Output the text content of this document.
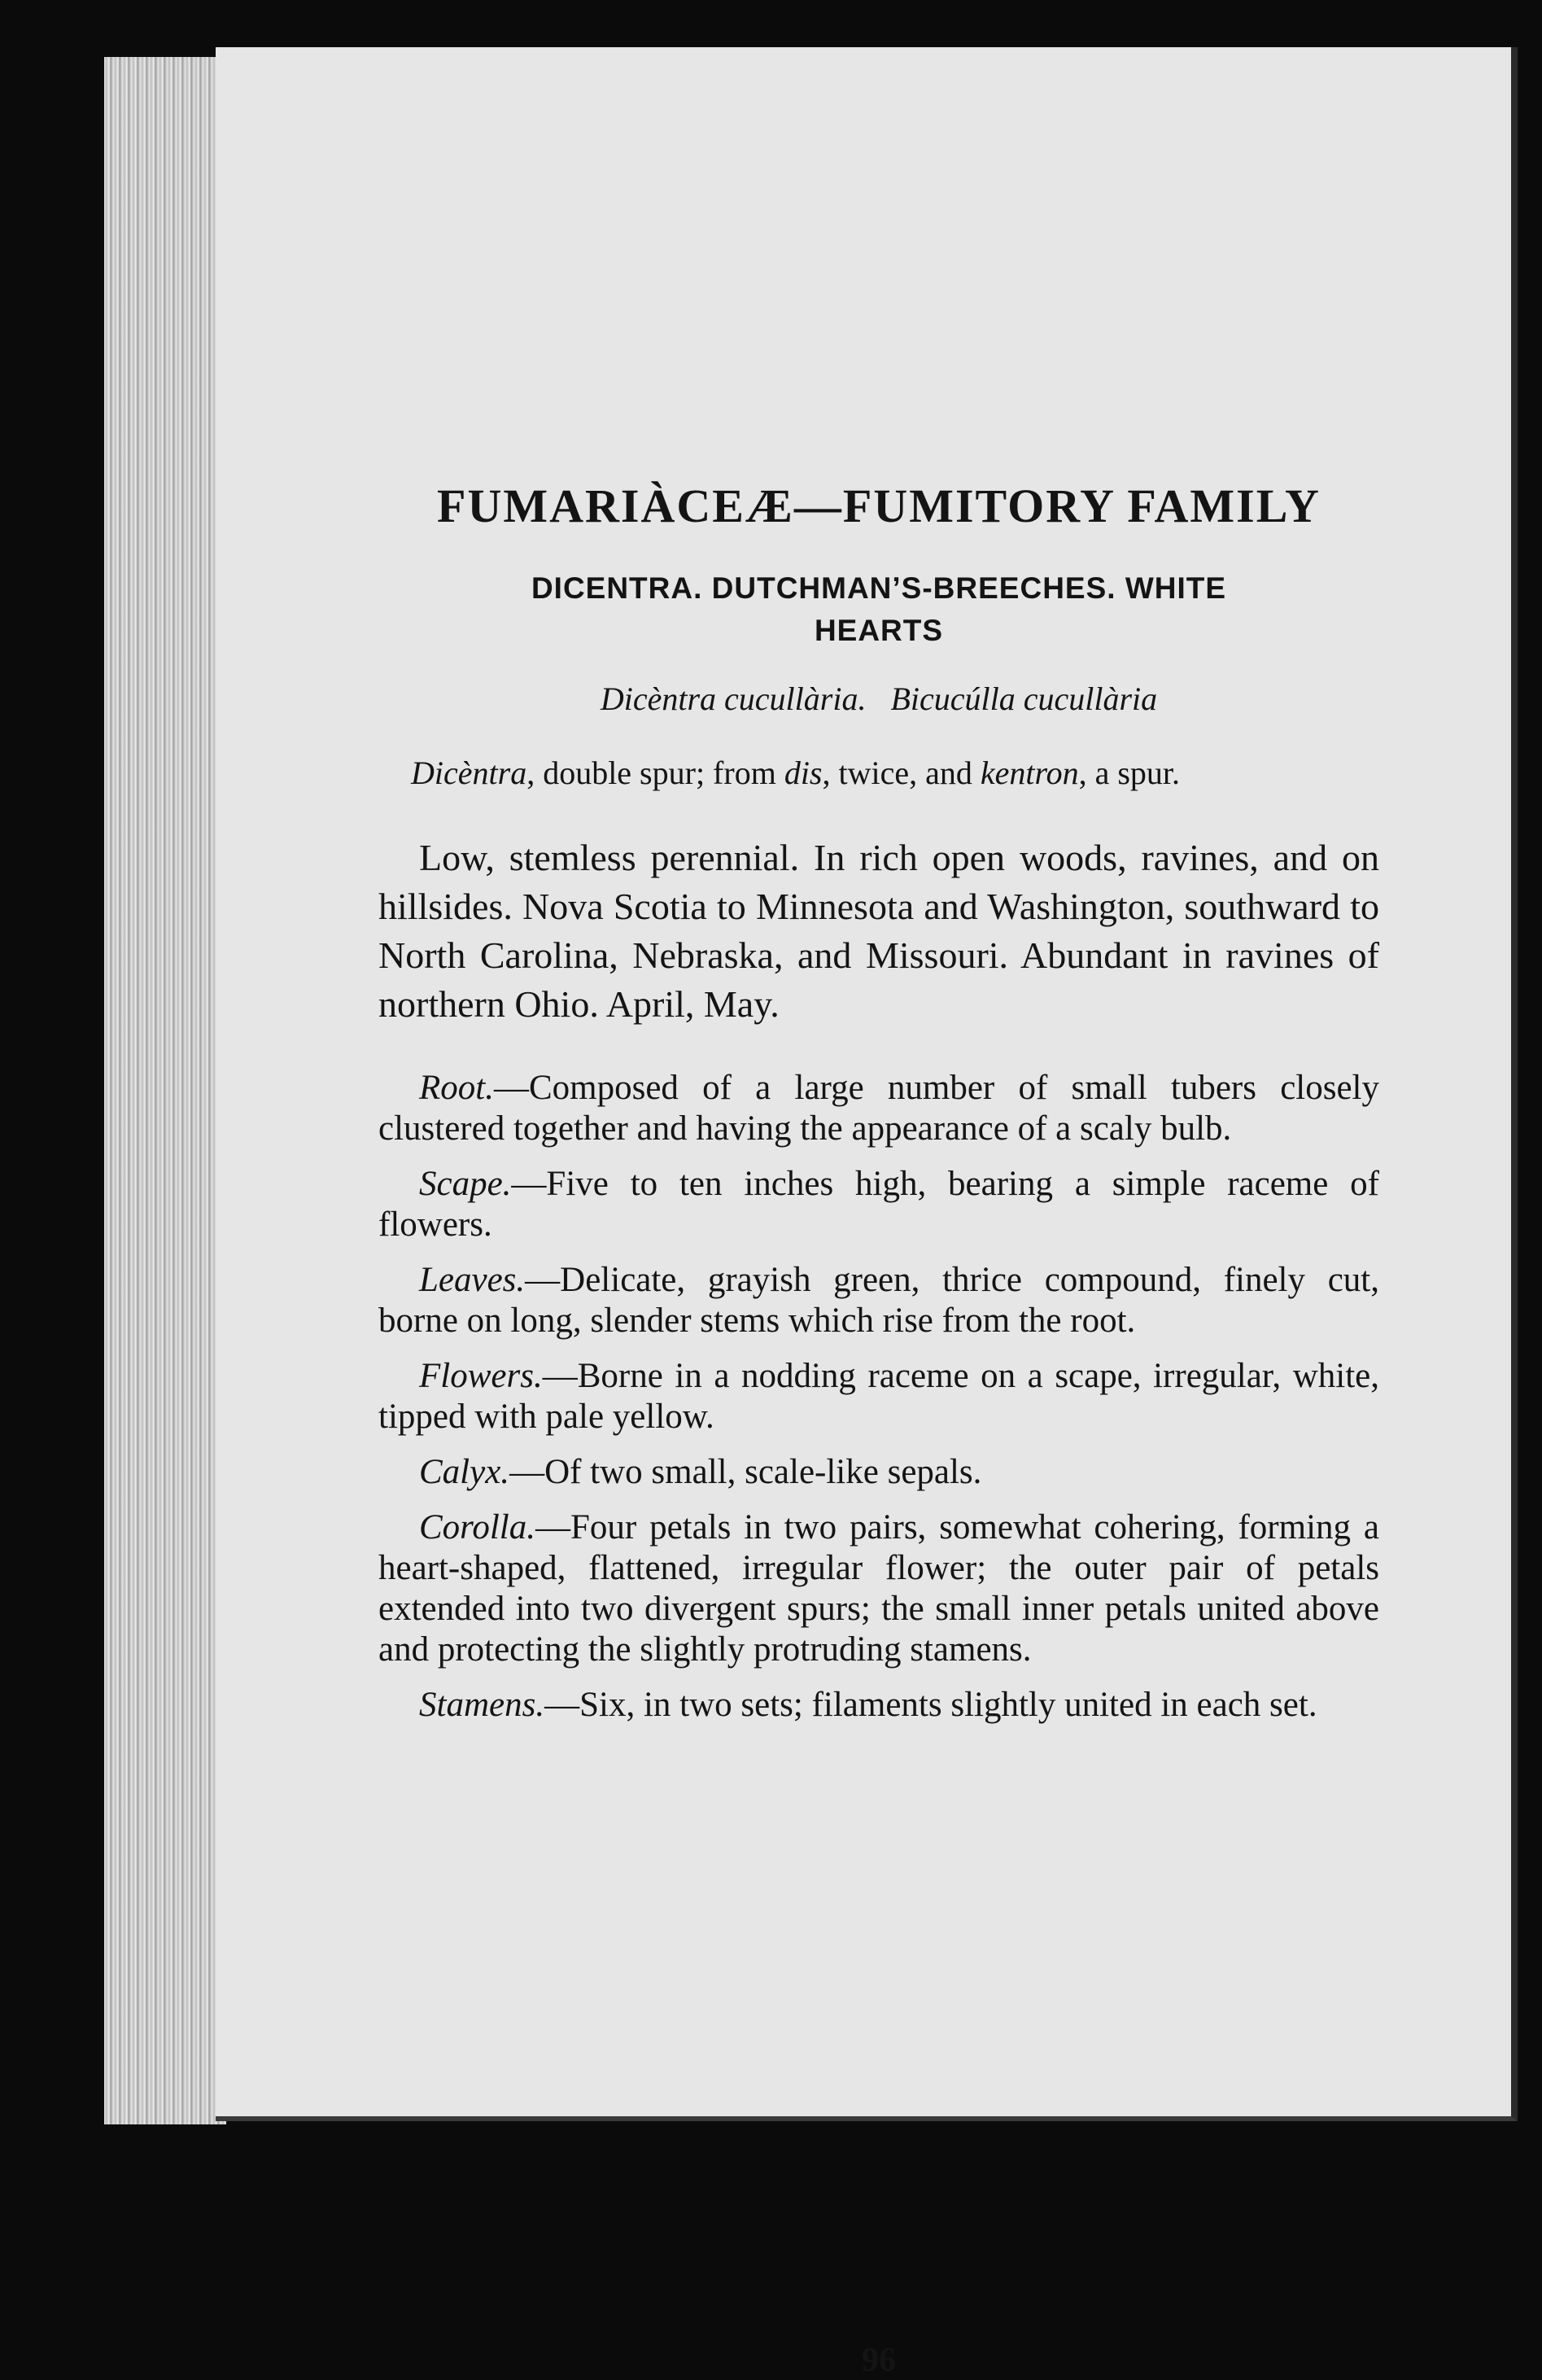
FUMARIÀCEÆ—FUMITORY FAMILY
DICENTRA. DUTCHMAN’S-BREECHES. WHITE
HEARTS
Dicèntra cucullària. Bicucúlla cucullària

Dicèntra, double spur; from dis, twice, and kentron, a spur.

Low, stemless perennial. In rich open woods, ravines, and on hillsides. Nova Scotia to Minnesota and Washington, southward to North Carolina, Nebraska, and Missouri. Abundant in ravines of northern Ohio. April, May.

Root.—Composed of a large number of small tubers closely clustered together and having the appearance of a scaly bulb.

Scape.—Five to ten inches high, bearing a simple raceme of flowers.

Leaves.—Delicate, grayish green, thrice compound, finely cut, borne on long, slender stems which rise from the root.

Flowers.—Borne in a nodding raceme on a scape, irregular, white, tipped with pale yellow.

Calyx.—Of two small, scale-like sepals.

Corolla.—Four petals in two pairs, somewhat cohering, forming a heart-shaped, flattened, irregular flower; the outer pair of petals extended into two divergent spurs; the small inner petals united above and protecting the slightly protruding stamens.

Stamens.—Six, in two sets; filaments slightly united in each set.

96
